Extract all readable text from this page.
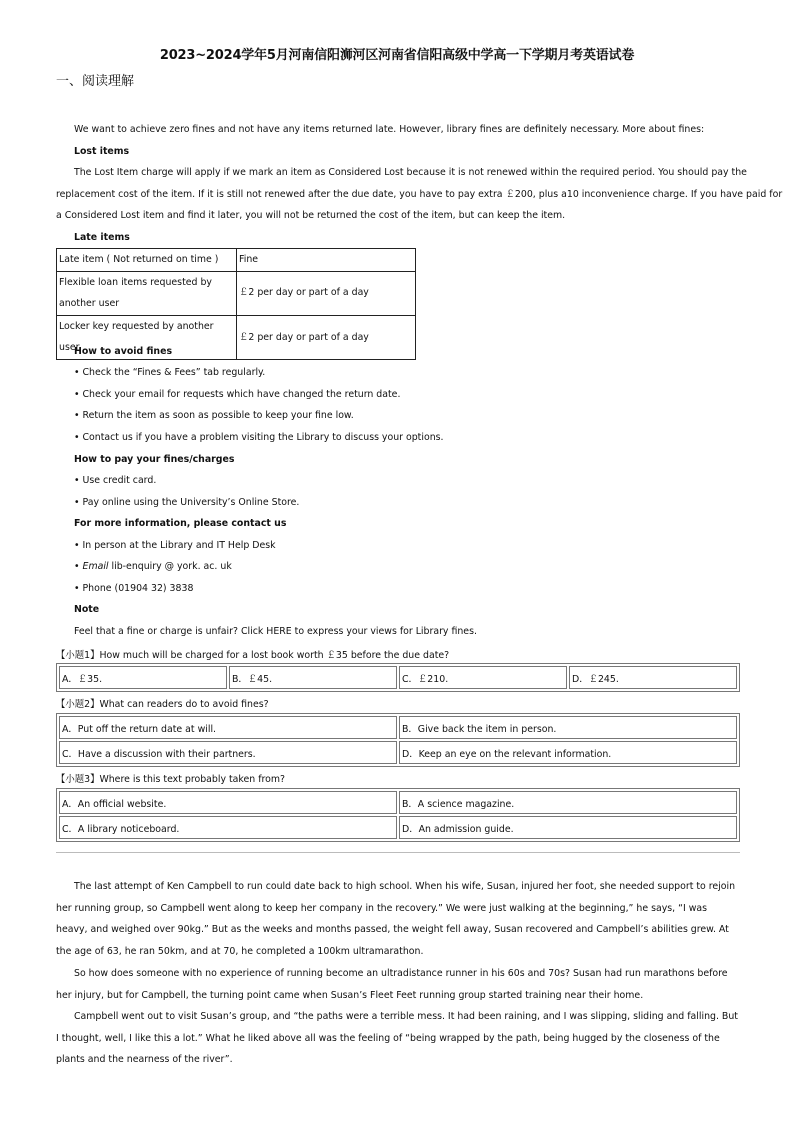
2023~2024学年5月河南信阳浉河区河南省信阳高级中学高一下学期月考英语试卷
一、阅读理解
We want to achieve zero fines and not have any items returned late. However, library fines are definitely necessary. More about fines:
Lost items
The Lost Item charge will apply if we mark an item as Considered Lost because it is not renewed within the required period. You should pay the
replacement cost of the item. If it is still not renewed after the due date, you have to pay extra ￡200, plus a10 inconvenience charge. If you have paid for
a Considered Lost item and find it later, you will not be returned the cost of the item, but can keep the item.
Late items
Late item ( Not returned on time )	Fine

Flexible loan items requested by
another user	￡2 per day or part of a day
Locker key requested by another user	￡2 per day or part of a day
How to avoid fines
• Check the “Fines & Fees” tab regularly.
• Check your email for requests which have changed the return date.
• Return the item as soon as possible to keep your fine low.
• Contact us if you have a problem visiting the Library to discuss your options.
How to pay your fines/charges
• Use credit card.
• Pay online using the University’s Online Store.
For more information, please contact us
• In person at the Library and IT Help Desk
• Email lib-enquiry @ york. ac. uk
• Phone (01904 32) 3838
Note
Feel that a fine or charge is unfair? Click HERE to express your views for Library fines.
【小题1】How much will be charged for a lost book worth ￡35 before the due date?
A．￡35.	B．￡45.	C．￡210.	D．￡245.
【小题2】What can readers do to avoid fines?
A．Put off the return date at will.	B．Give back the item in person.
C．Have a discussion with their partners.	D．Keep an eye on the relevant information.
【小题3】Where is this text probably taken from?
A．An official website.	B．A science magazine.
C．A library noticeboard.	D．An admission guide.
The last attempt of Ken Campbell to run could date back to high school. When his wife, Susan, injured her foot, she needed support to rejoin her running group, so Campbell went along to keep her company in the recovery.” We were just walking at the beginning,” he says, “I was heavy, and weighed over 90kg.” But as the weeks and months passed, the weight fell away, Susan recovered and Campbell’s abilities grew. At the age of 63, he ran 50km, and at 70, he completed a 100km ultramarathon.
So how does someone with no experience of running become an ultradistance runner in his 60s and 70s? Susan had run marathons before her injury, but for Campbell, the turning point came when Susan’s Fleet Feet running group started training near their home.
Campbell went out to visit Susan’s group, and “the paths were a terrible mess. It had been raining, and I was slipping, sliding and falling. But I thought, well, I like this a lot.” What he liked above all was the feeling of “being wrapped by the path, being hugged by the closeness of the plants and the nearness of the river”.
